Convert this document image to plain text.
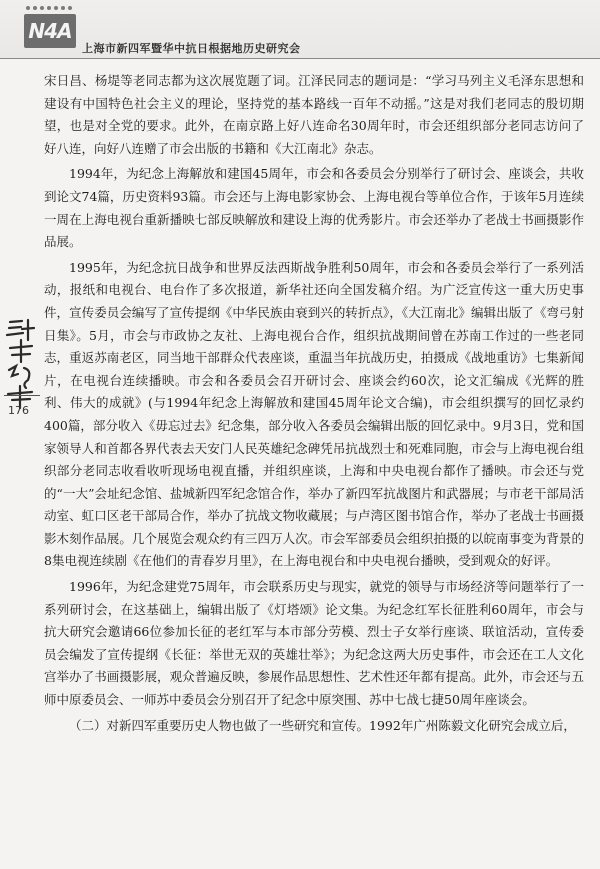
N4A
上海市新四军暨华中抗日根据地历史研究会
176

宋日昌、杨堤等老同志都为这次展览题了词。江泽民同志的题词是：“学习马列主义毛泽东思想和建设有中国特色社会主义的理论，坚持党的基本路线一百年不动摇。”这是对我们老同志的殷切期望，也是对全党的要求。此外，在南京路上好八连命名30周年时，市会还组织部分老同志访问了好八连，向好八连赠了市会出版的书籍和《大江南北》杂志。

1994年，为纪念上海解放和建国45周年，市会和各委员会分别举行了研讨会、座谈会，共收到论文74篇，历史资料93篇。市会还与上海电影家协会、上海电视台等单位合作，于该年5月连续一周在上海电视台重新播映七部反映解放和建设上海的优秀影片。市会还举办了老战士书画摄影作品展。

1995年，为纪念抗日战争和世界反法西斯战争胜利50周年，市会和各委员会举行了一系列活动，报纸和电视台、电台作了多次报道，新华社还向全国发稿介绍。为广泛宣传这一重大历史事件，宣传委员会编写了宣传提纲《中华民族由衰到兴的转折点》，《大江南北》编辑出版了《弯弓射日集》。5月，市会与市政协之友社、上海电视台合作，组织抗战期间曾在苏南工作过的一些老同志，重返苏南老区，同当地干部群众代表座谈，重温当年抗战历史，拍摄成《战地重访》七集新闻片，在电视台连续播映。市会和各委员会召开研讨会、座谈会约60次，论文汇编成《光辉的胜利、伟大的成就》(与1994年纪念上海解放和建国45周年论文合编)，市会组织撰写的回忆录约400篇，部分收入《毋忘过去》纪念集，部分收入各委员会编辑出版的回忆录中。9月3日，党和国家领导人和首都各界代表去天安门人民英雄纪念碑凭吊抗战烈士和死难同胞，市会与上海电视台组织部分老同志收看收听现场电视直播，并组织座谈，上海和中央电视台都作了播映。市会还与党的“一大”会址纪念馆、盐城新四军纪念馆合作，举办了新四军抗战图片和武器展；与市老干部局活动室、虹口区老干部局合作，举办了抗战文物收藏展；与卢湾区图书馆合作，举办了老战士书画摄影木刻作品展。几个展览会观众约有三四万人次。市会军部委员会组织拍摄的以皖南事变为背景的8集电视连续剧《在他们的青春岁月里》，在上海电视台和中央电视台播映，受到观众的好评。

1996年，为纪念建党75周年，市会联系历史与现实，就党的领导与市场经济等问题举行了一系列研讨会，在这基础上，编辑出版了《灯塔颂》论文集。为纪念红军长征胜利60周年，市会与抗大研究会邀请66位参加长征的老红军与本市部分劳模、烈士子女举行座谈、联谊活动，宣传委员会编发了宣传提纲《长征：举世无双的英雄壮举》；为纪念这两大历史事件，市会还在工人文化宫举办了书画摄影展，观众普遍反映，参展作品思想性、艺术性还年都有提高。此外，市会还与五师中原委员会、一师苏中委员会分别召开了纪念中原突围、苏中七战七捷50周年座谈会。

（二）对新四军重要历史人物也做了一些研究和宣传。1992年广州陈毅文化研究会成立后，
